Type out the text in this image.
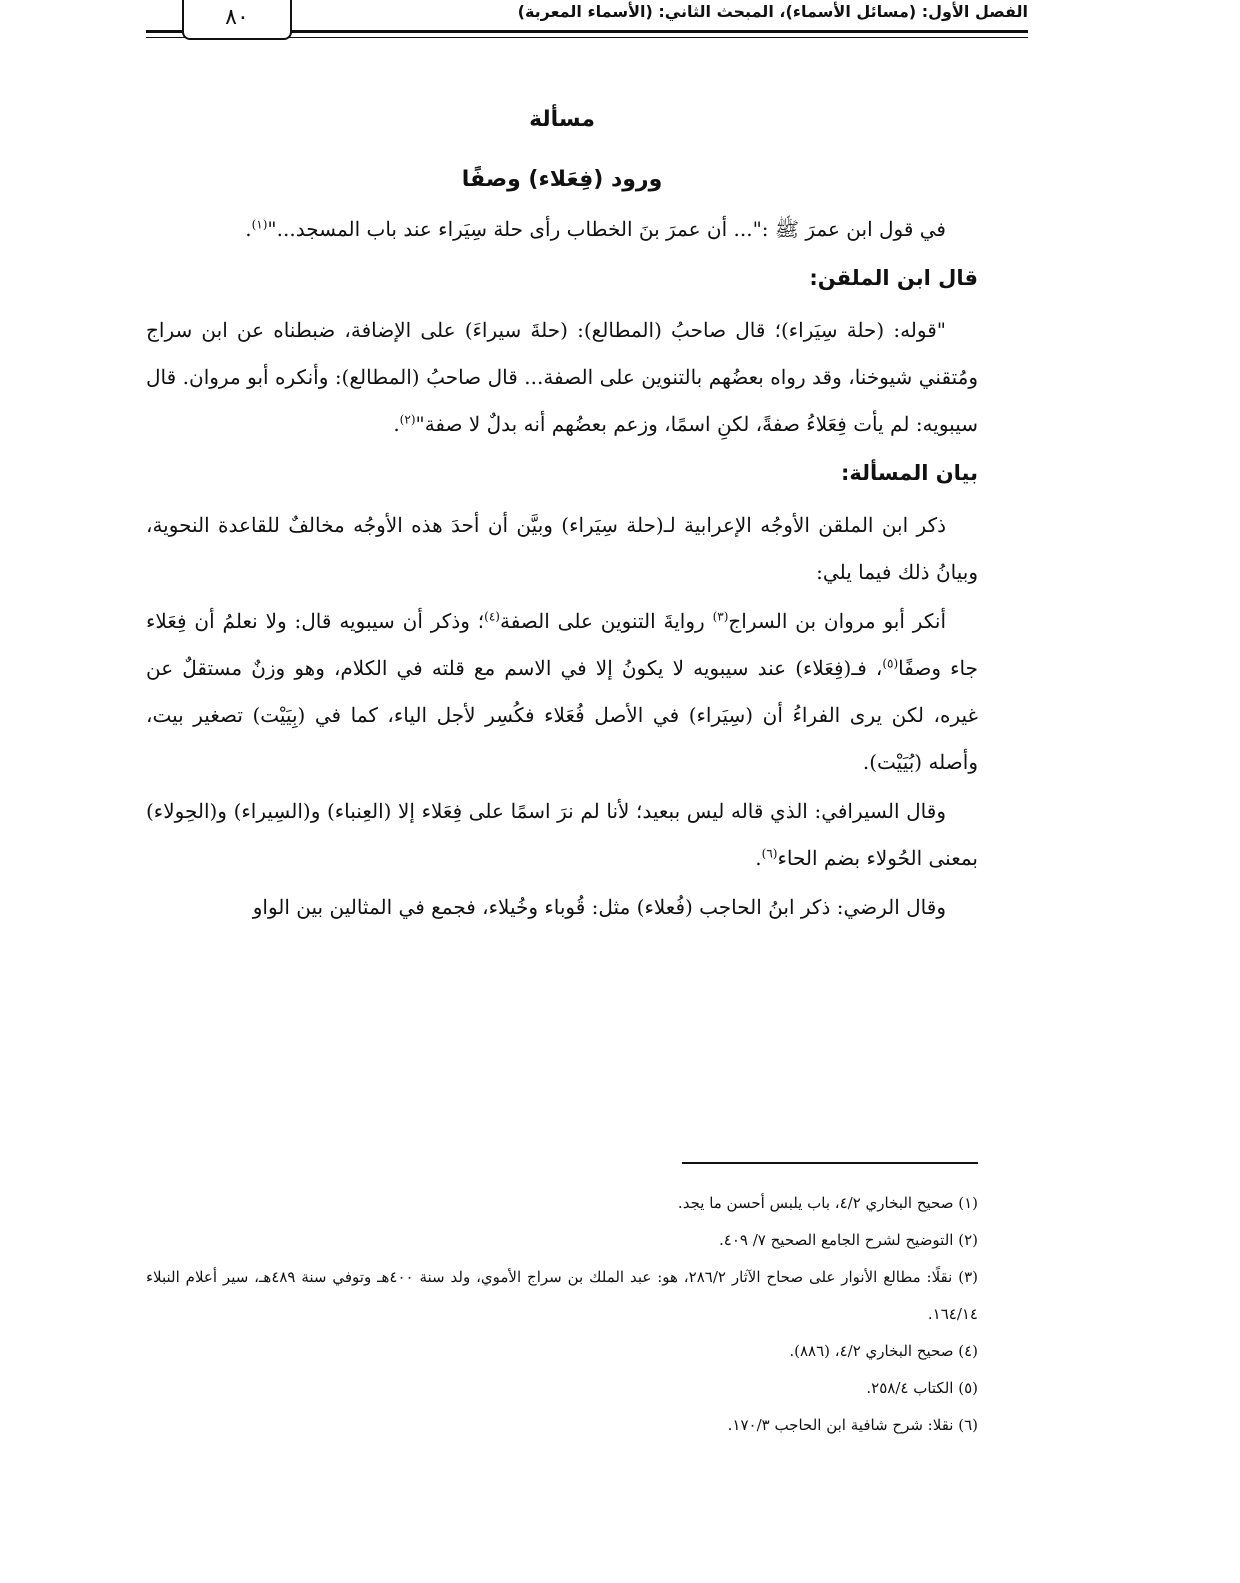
٨٠	الفصل الأول: (مسائل الأسماء)، المبحث الثاني: (الأسماء المعربة)

مسألة

ورود (فِعَلاء) وصفًا

في قول ابن عمرَ ﷺ :"... أن عمرَ بنَ الخطاب رأى حلة سِيَراء عند باب المسجد..."$^{(١)}$.

قال ابن الملقن:

"قوله: (حلة سِيَراء)؛ قال صاحبُ (المطالع): (حلةَ سيراءَ) على الإضافة، ضبطناه عن ابن سراج ومُتقني شيوخنا، وقد رواه بعضُهم بالتنوين على الصفة... قال صاحبُ (المطالع): وأنكره أبو مروان. قال سيبويه: لم يأت فِعَلاءُ صفةً، لكنِ اسمًا، وزعم بعضُهم أنه بدلٌ لا صفة"$^{(٢)}$.

بيان المسألة:

ذكر ابن الملقن الأوجُه الإعرابية لـ(حلة سِيَراء) وبيَّن أن أحدَ هذه الأوجُه مخالفٌ للقاعدة النحوية، وبيانُ ذلك فيما يلي:

أنكر أبو مروان بن السراج$^{(٣)}$ روايةَ التنوين على الصفة$^{(٤)}$؛ وذكر أن سيبويه قال: ولا نعلمُ أن فِعَلاء جاء وصفًا$^{(٥)}$، فـ(فِعَلاء) عند سيبويه لا يكونُ إلا في الاسم مع قلته في الكلام، وهو وزنٌ مستقلٌ عن غيره، لكن يرى الفراءُ أن (سِيَراء) في الأصل فُعَلاء فكُسِر لأجل الياء، كما في (بِيَيْت) تصغير بيت، وأصله (بُيَيْت).

وقال السيرافي: الذي قاله ليس ببعيد؛ لأنا لم نرَ اسمًا على فِعَلاء إلا (العِنباء) و(السِيراء) و(الحِولاء) بمعنى الحُولاء بضم الحاء$^{(٦)}$.

وقال الرضي: ذكر ابنُ الحاجب (فُعلاء) مثل: قُوباء وخُيلاء، فجمع في المثالين بين الواو

(١) صحيح البخاري ٤/٢، باب يلبس أحسن ما يجد.

(٢) التوضيح لشرح الجامع الصحيح ٧/ ٤٠٩.

(٣) نقلًا: مطالع الأنوار على صحاح الآثار ٢٨٦/٢، هو: عبد الملك بن سراج الأموي، ولد سنة ٤٠٠هـ وتوفي سنة ٤٨٩هـ، سير أعلام النبلاء ١٦٤/١٤.

(٤) صحيح البخاري ٤/٢، (٨٨٦).

(٥) الكتاب ٢٥٨/٤.

(٦) نقلا: شرح شافية ابن الحاجب ١٧٠/٣.
